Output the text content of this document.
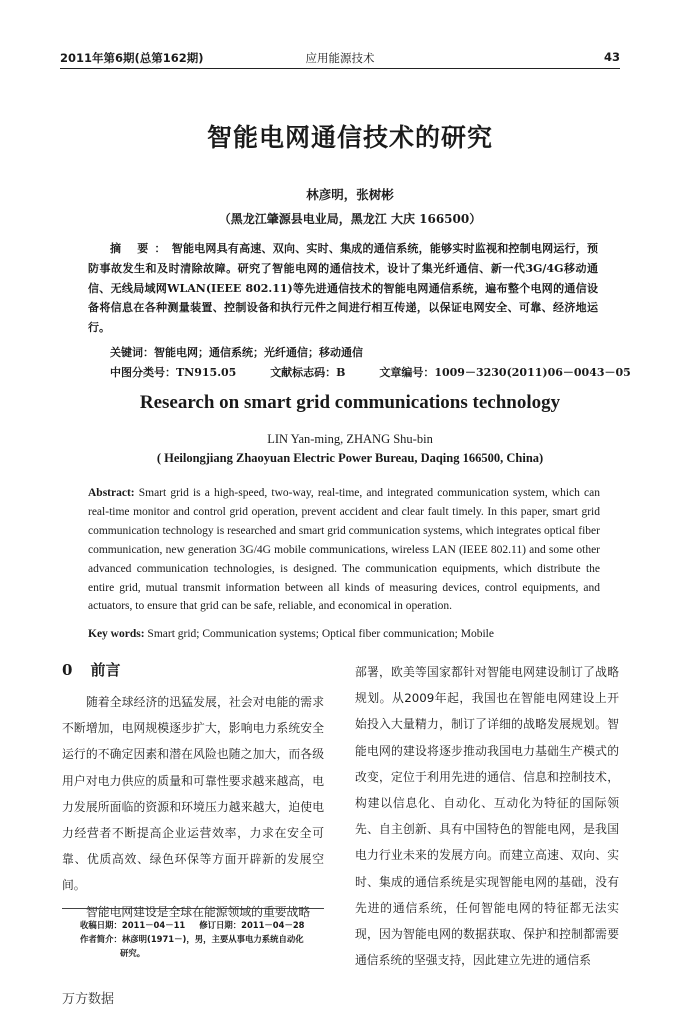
2011年第6期(总第162期)	应用能源技术	43
智能电网通信技术的研究
林彦明，张树彬
（黑龙江肇源县电业局，黑龙江 大庆 166500）
摘 要：智能电网具有高速、双向、实时、集成的通信系统，能够实时监视和控制电网运行，预防事故发生和及时清除故障。研究了智能电网的通信技术，设计了集光纤通信、新一代3G/4G移动通信、无线局域网WLAN(IEEE 802.11)等先进通信技术的智能电网通信系统，遍布整个电网的通信设备将信息在各种测量装置、控制设备和执行元件之间进行相互传递，以保证电网安全、可靠、经济地运行。
关键词：智能电网；通信系统；光纤通信；移动通信
中图分类号：TN915.05	文献标志码：B	文章编号：1009－3230(2011)06－0043－05
Research on smart grid communications technology
LIN Yan-ming, ZHANG Shu-bin
( Heilongjiang Zhaoyuan Electric Power Bureau, Daqing 166500, China)
Abstract: Smart grid is a high-speed, two-way, real-time, and integrated communication system, which can real-time monitor and control grid operation, prevent accident and clear fault timely. In this paper, smart grid communication technology is researched and smart grid communication systems, which integrates optical fiber communication, new generation 3G/4G mobile communications, wireless LAN (IEEE 802.11) and some other advanced communication technologies, is designed. The communication equipments, which distribute the entire grid, mutual transmit information between all kinds of measuring devices, control equipments, and actuators, to ensure that grid can be safe, reliable, and economical in operation.
Key words: Smart grid; Communication systems; Optical fiber communication; Mobile
0 前言

随着全球经济的迅猛发展，社会对电能的需求不断增加，电网规模逐步扩大，影响电力系统安全运行的不确定因素和潜在风险也随之加大，而各级用户对电力供应的质量和可靠性要求越来越高，电力发展所面临的资源和环境压力越来越大，迫使电力经营者不断提高企业运营效率，力求在安全可靠、优质高效、绿色环保等方面开辟新的发展空间。

智能电网建设是全球在能源领域的重要战略

部署，欧美等国家都针对智能电网建设制订了战略规划。从2009年起，我国也在智能电网建设上开始投入大量精力，制订了详细的战略发展规划。智能电网的建设将逐步推动我国电力基础生产模式的改变，定位于利用先进的通信、信息和控制技术，构建以信息化、自动化、互动化为特征的国际领先、自主创新、具有中国特色的智能电网，是我国电力行业未来的发展方向。而建立高速、双向、实时、集成的通信系统是实现智能电网的基础，没有先进的通信系统，任何智能电网的特征都无法实现，因为智能电网的数据获取、保护和控制都需要通信系统的坚强支持，因此建立先进的通信系

收稿日期：2011－04－11 修订日期：2011－04－28
作者简介：林彦明(1971－)，男，主要从事电力系统自动化
研究。
万方数据
